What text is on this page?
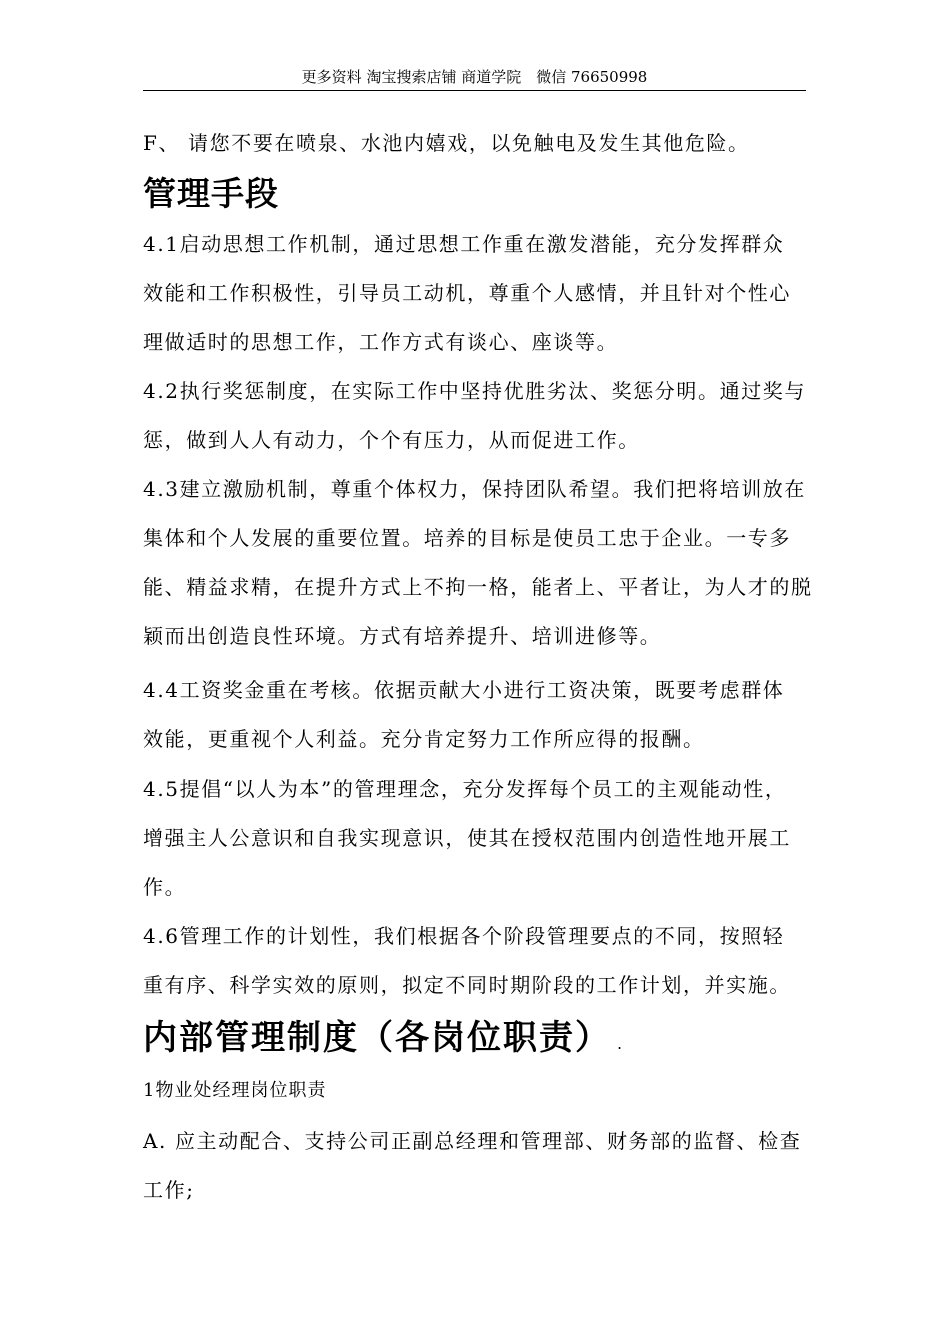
更多资料 淘宝搜索店铺 商道学院　微信 76650998
F、 请您不要在喷泉、水池内嬉戏，以免触电及发生其他危险。
管理手段
4.1启动思想工作机制，通过思想工作重在激发潜能，充分发挥群众
效能和工作积极性，引导员工动机，尊重个人感情，并且针对个性心
理做适时的思想工作，工作方式有谈心、座谈等。
4.2执行奖惩制度，在实际工作中坚持优胜劣汰、奖惩分明。通过奖与
惩，做到人人有动力，个个有压力，从而促进工作。
4.3建立激励机制，尊重个体权力，保持团队希望。我们把将培训放在
集体和个人发展的重要位置。培养的目标是使员工忠于企业。一专多
能、精益求精，在提升方式上不拘一格，能者上、平者让，为人才的脱
颖而出创造良性环境。方式有培养提升、培训进修等。
4.4工资奖金重在考核。依据贡献大小进行工资决策，既要考虑群体
效能，更重视个人利益。充分肯定努力工作所应得的报酬。
4.5提倡“以人为本”的管理理念，充分发挥每个员工的主观能动性，
增强主人公意识和自我实现意识，使其在授权范围内创造性地开展工
作。
4.6管理工作的计划性，我们根据各个阶段管理要点的不同，按照轻
重有序、科学实效的原则，拟定不同时期阶段的工作计划，并实施。
内部管理制度（各岗位职责） .
1物业处经理岗位职责
A. 应主动配合、支持公司正副总经理和管理部、财务部的监督、检查
工作;
